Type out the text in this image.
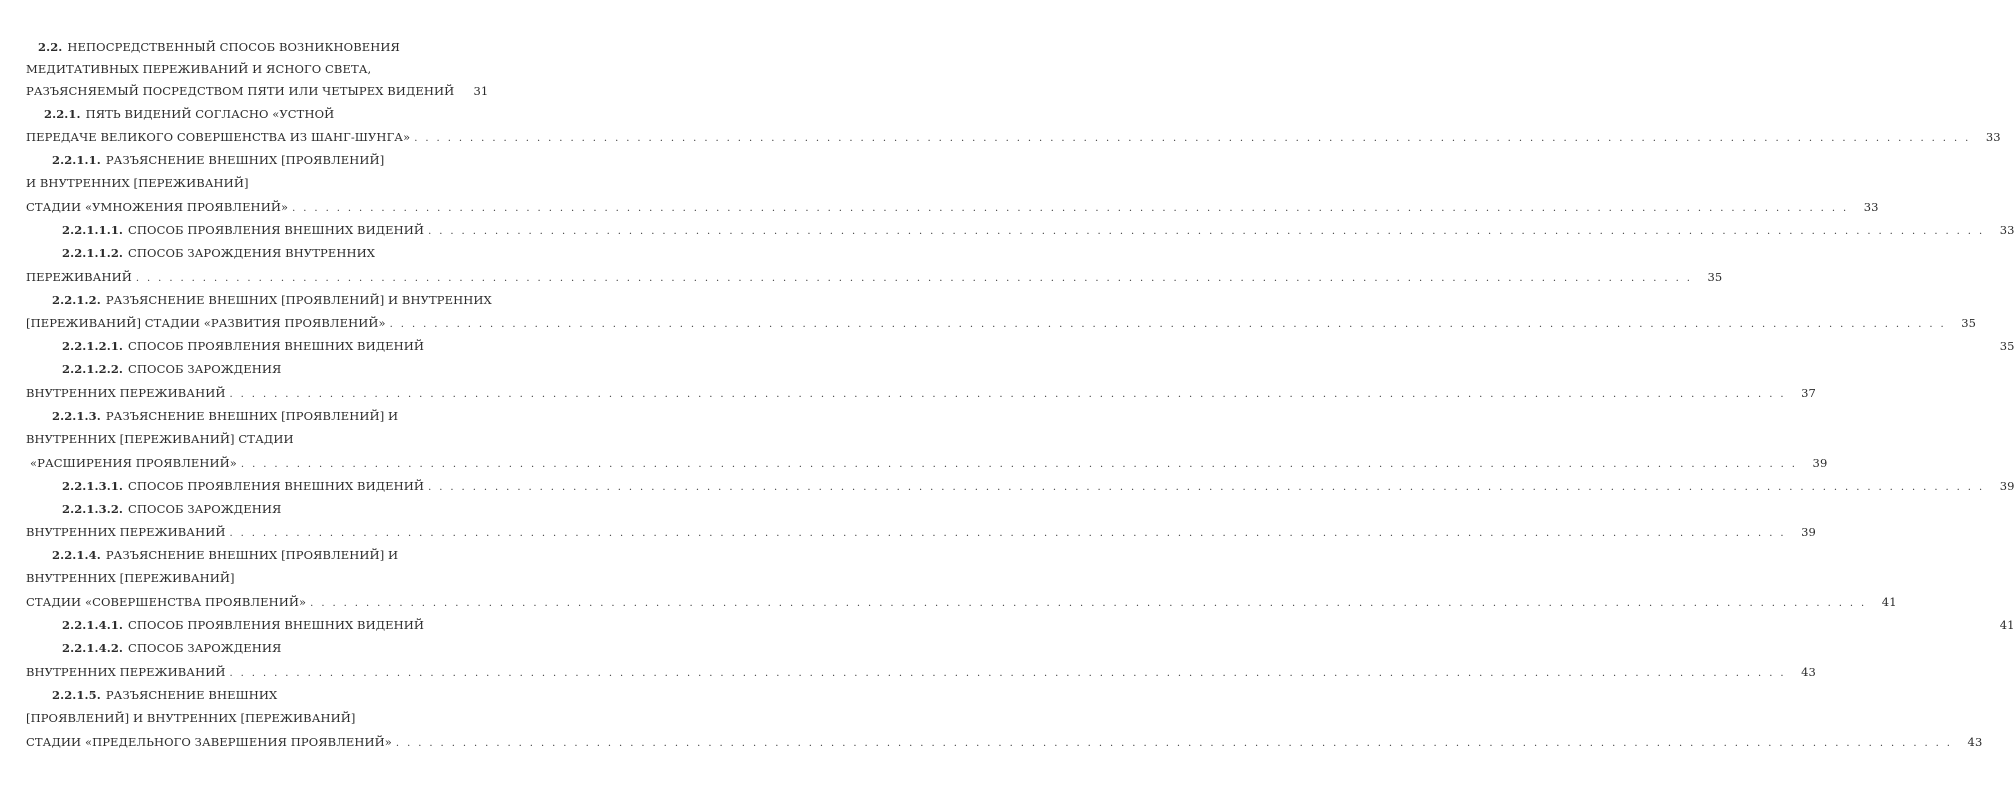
2.2. НЕПОСРЕДСТВЕННЫЙ СПОСОБ ВОЗНИКНОВЕНИЯ
МЕДИТАТИВНЫХ ПЕРЕЖИВАНИЙ И ЯСНОГО СВЕТА,
РАЗЪЯСНЯЕМЫЙ ПОСРЕДСТВОМ ПЯТИ ИЛИ ЧЕТЫРЕХ ВИДЕНИЙ	31
2.2.1. ПЯТЬ ВИДЕНИЙ СОГЛАСНО «УСТНОЙ
ПЕРЕДАЧЕ ВЕЛИКОГО СОВЕРШЕНСТВА ИЗ ШАНГ-ШУНГА» . . . . . . . . . . . . . . . . . . . . . . . . . . . . . . . . . . . . . . . . . . . . . . . . . . . . . . . . . . . . . . . . . . . . . . . . . . . . . . . . . . . . . . . . . . . . . . . . . . . . . . . . . . . . . . . . . . . . . . . . . . . . . . . . . . . . . . . . . . . .	33
2.2.1.1. РАЗЪЯСНЕНИЕ ВНЕШНИХ [ПРОЯВЛЕНИЙ]
И ВНУТРЕННИХ [ПЕРЕЖИВАНИЙ]
СТАДИИ «УМНОЖЕНИЯ ПРОЯВЛЕНИЙ» . . . . . . . . . . . . . . . . . . . . . . . . . . . . . . . . . . . . . . . . . . . . . . . . . . . . . . . . . . . . . . . . . . . . . . . . . . . . . . . . . . . . . . . . . . . . . . . . . . . . . . . . . . . . . . . . . . . . . . . . . . . . . . . . . . . . . . . . . . . .	33
2.2.1.1.1. СПОСОБ ПРОЯВЛЕНИЯ ВНЕШНИХ ВИДЕНИЙ . . . . . . . . . . . . . . . . . . . . . . . . . . . . . . . . . . . . . . . . . . . . . . . . . . . . . . . . . . . . . . . . . . . . . . . . . . . . . . . . . . . . . . . . . . . . . . . . . . . . . . . . . . . . . . . . . . . . . . . . . . . . . . . . . . . . . . . . . . . .	33
2.2.1.1.2. СПОСОБ ЗАРОЖДЕНИЯ ВНУТРЕННИХ
ПЕРЕЖИВАНИЙ . . . . . . . . . . . . . . . . . . . . . . . . . . . . . . . . . . . . . . . . . . . . . . . . . . . . . . . . . . . . . . . . . . . . . . . . . . . . . . . . . . . . . . . . . . . . . . . . . . . . . . . . . . . . . . . . . . . . . . . . . . . . . . . . . . . . . . . . . . . .	35
2.2.1.2. РАЗЪЯСНЕНИЕ ВНЕШНИХ [ПРОЯВЛЕНИЙ] И ВНУТРЕННИХ
[ПЕРЕЖИВАНИЙ] СТАДИИ «РАЗВИТИЯ ПРОЯВЛЕНИЙ» . . . . . . . . . . . . . . . . . . . . . . . . . . . . . . . . . . . . . . . . . . . . . . . . . . . . . . . . . . . . . . . . . . . . . . . . . . . . . . . . . . . . . . . . . . . . . . . . . . . . . . . . . . . . . . . . . . . . . . . . . . . . . . . . . . . . . . . . . . . .	35
2.2.1.2.1. СПОСОБ ПРОЯВЛЕНИЯ ВНЕШНИХ ВИДЕНИЙ	35
2.2.1.2.2. СПОСОБ ЗАРОЖДЕНИЯ
ВНУТРЕННИХ ПЕРЕЖИВАНИЙ . . . . . . . . . . . . . . . . . . . . . . . . . . . . . . . . . . . . . . . . . . . . . . . . . . . . . . . . . . . . . . . . . . . . . . . . . . . . . . . . . . . . . . . . . . . . . . . . . . . . . . . . . . . . . . . . . . . . . . . . . . . . . . . . . . . . . . . . . . . .	37
2.2.1.3. РАЗЪЯСНЕНИЕ ВНЕШНИХ [ПРОЯВЛЕНИЙ] И
ВНУТРЕННИХ [ПЕРЕЖИВАНИЙ] СТАДИИ
«РАСШИРЕНИЯ ПРОЯВЛЕНИЙ» . . . . . . . . . . . . . . . . . . . . . . . . . . . . . . . . . . . . . . . . . . . . . . . . . . . . . . . . . . . . . . . . . . . . . . . . . . . . . . . . . . . . . . . . . . . . . . . . . . . . . . . . . . . . . . . . . . . . . . . . . . . . . . . . . . . . . . . . . . . .	39
2.2.1.3.1. СПОСОБ ПРОЯВЛЕНИЯ ВНЕШНИХ ВИДЕНИЙ . . . . . . . . . . . . . . . . . . . . . . . . . . . . . . . . . . . . . . . . . . . . . . . . . . . . . . . . . . . . . . . . . . . . . . . . . . . . . . . . . . . . . . . . . . . . . . . . . . . . . . . . . . . . . . . . . . . . . . . . . . . . . . . . . . . . . . . . . . . .	39
2.2.1.3.2. СПОСОБ ЗАРОЖДЕНИЯ
ВНУТРЕННИХ ПЕРЕЖИВАНИЙ . . . . . . . . . . . . . . . . . . . . . . . . . . . . . . . . . . . . . . . . . . . . . . . . . . . . . . . . . . . . . . . . . . . . . . . . . . . . . . . . . . . . . . . . . . . . . . . . . . . . . . . . . . . . . . . . . . . . . . . . . . . . . . . . . . . . . . . . . . . .	39
2.2.1.4. РАЗЪЯСНЕНИЕ ВНЕШНИХ [ПРОЯВЛЕНИЙ] И
ВНУТРЕННИХ [ПЕРЕЖИВАНИЙ]
СТАДИИ «СОВЕРШЕНСТВА ПРОЯВЛЕНИЙ» . . . . . . . . . . . . . . . . . . . . . . . . . . . . . . . . . . . . . . . . . . . . . . . . . . . . . . . . . . . . . . . . . . . . . . . . . . . . . . . . . . . . . . . . . . . . . . . . . . . . . . . . . . . . . . . . . . . . . . . . . . . . . . . . . . . . . . . . . . . .	41
2.2.1.4.1. СПОСОБ ПРОЯВЛЕНИЯ ВНЕШНИХ ВИДЕНИЙ	41
2.2.1.4.2. СПОСОБ ЗАРОЖДЕНИЯ
ВНУТРЕННИХ ПЕРЕЖИВАНИЙ . . . . . . . . . . . . . . . . . . . . . . . . . . . . . . . . . . . . . . . . . . . . . . . . . . . . . . . . . . . . . . . . . . . . . . . . . . . . . . . . . . . . . . . . . . . . . . . . . . . . . . . . . . . . . . . . . . . . . . . . . . . . . . . . . . . . . . . . . . . .	43
2.2.1.5. РАЗЪЯСНЕНИЕ ВНЕШНИХ
[ПРОЯВЛЕНИЙ] И ВНУТРЕННИХ [ПЕРЕЖИВАНИЙ]
СТАДИИ «ПРЕДЕЛЬНОГО ЗАВЕРШЕНИЯ ПРОЯВЛЕНИЙ» . . . . . . . . . . . . . . . . . . . . . . . . . . . . . . . . . . . . . . . . . . . . . . . . . . . . . . . . . . . . . . . . . . . . . . . . . . . . . . . . . . . . . . . . . . . . . . . . . . . . . . . . . . . . . . . . . . . . . . . . . . . . . . . . . . . . . . . . . . . .	43
